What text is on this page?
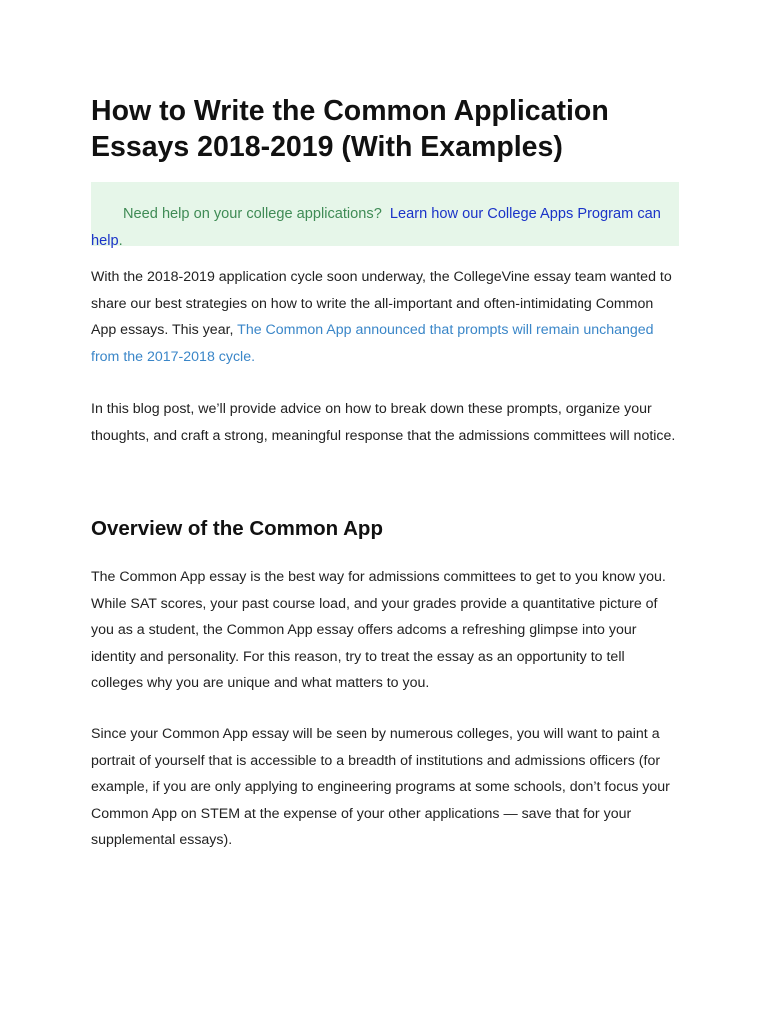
How to Write the Common Application Essays 2018-2019 (With Examples)
Need help on your college applications? Learn how our College Apps Program can help.

With the 2018-2019 application cycle soon underway, the CollegeVine essay team wanted to share our best strategies on how to write the all-important and often-intimidating Common App essays. This year, The Common App announced that prompts will remain unchanged from the 2017-2018 cycle.

In this blog post, we’ll provide advice on how to break down these prompts, organize your thoughts, and craft a strong, meaningful response that the admissions committees will notice.

Overview of the Common App

The Common App essay is the best way for admissions committees to get to you know you. While SAT scores, your past course load, and your grades provide a quantitative picture of you as a student, the Common App essay offers adcoms a refreshing glimpse into your identity and personality. For this reason, try to treat the essay as an opportunity to tell colleges why you are unique and what matters to you.

Since your Common App essay will be seen by numerous colleges, you will want to paint a portrait of yourself that is accessible to a breadth of institutions and admissions officers (for example, if you are only applying to engineering programs at some schools, don’t focus your Common App on STEM at the expense of your other applications — save that for your supplemental essays).
